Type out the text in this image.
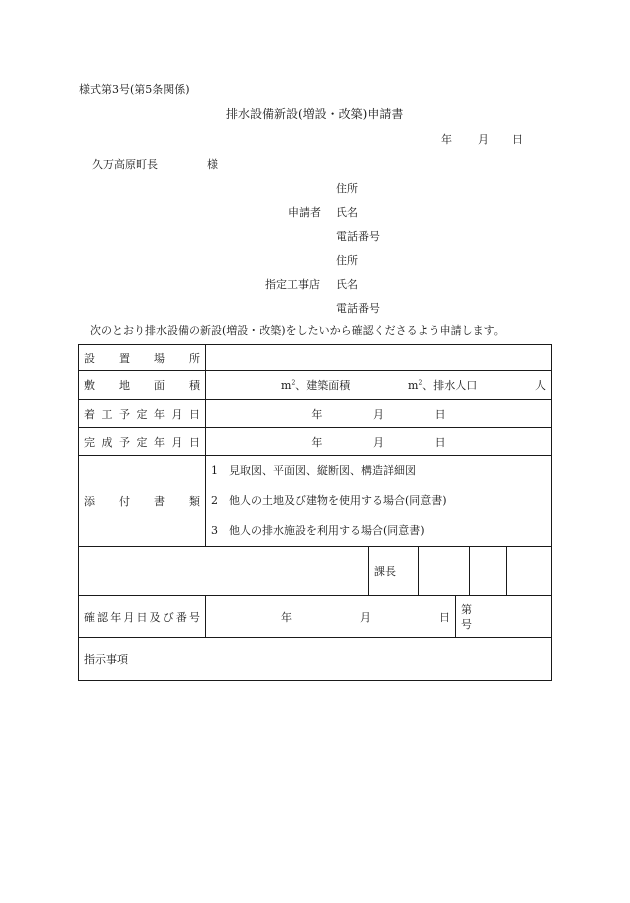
様式第3号(第5条関係)
排水設備新設(増設・改築)申請書
年 月 日
久万高原町長	様
住所
申請者 氏名
電話番号
住所
指定工事店 氏名
電話番号
次のとおり排水設備の新設(増設・改築)をしたいから確認くださるよう申請します。
設置場所						
敷地面積	$m^2$、建築面積 $m^2$、排水人口 人					

着工予定年月日	年 月 日					

完成予定年月日	年 月 日					

添付書類	1　見取図、平面図、縦断図、構造詳細図
2　他人の土地及び建物を使用する場合(同意書)
3　他人の排水施設を利用する場合(同意書)					

		課長				
確認年月日及び番号	年 月 日			第
号		
指示事項						
